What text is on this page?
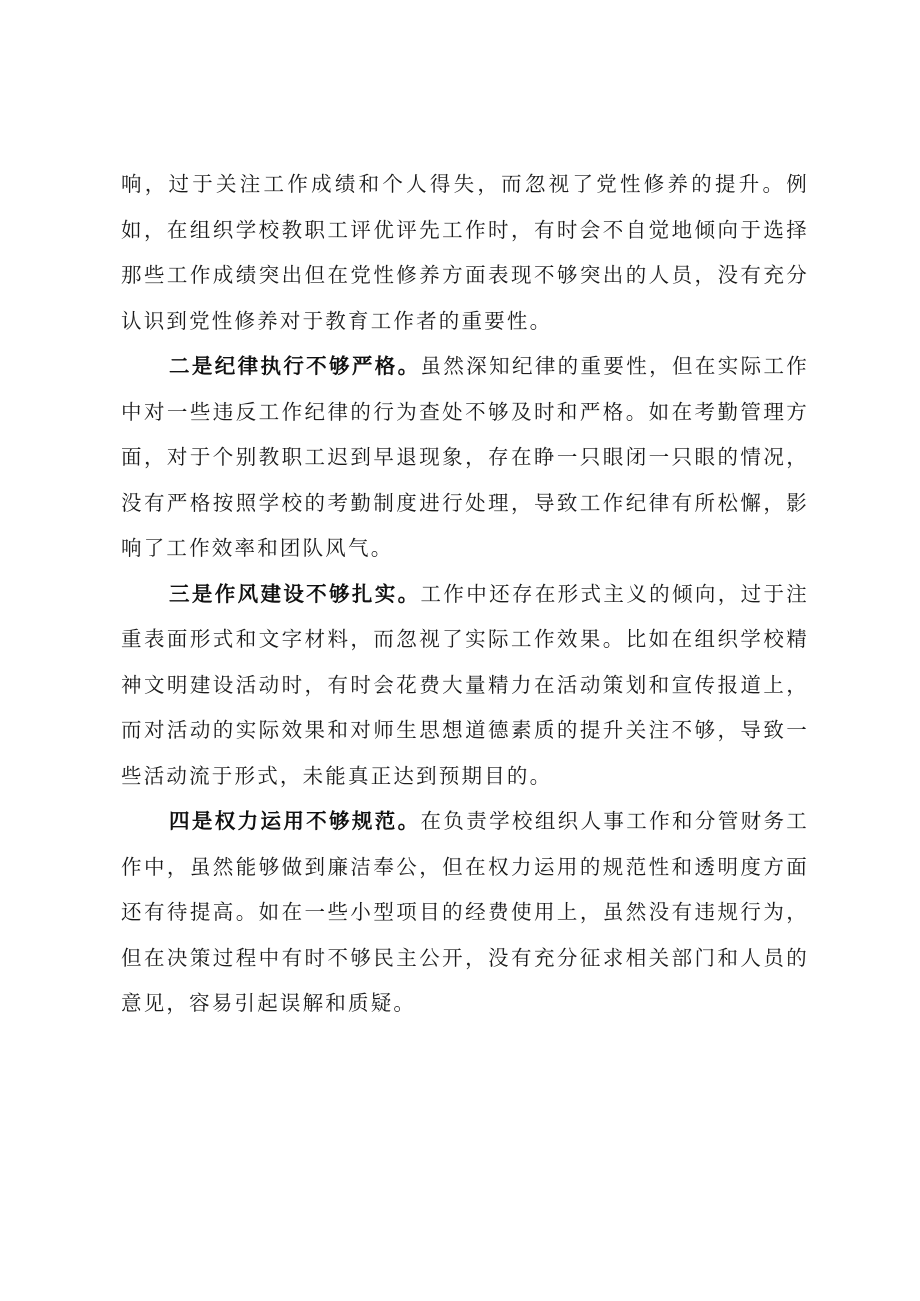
响，过于关注工作成绩和个人得失，而忽视了党性修养的提升。例如，在组织学校教职工评优评先工作时，有时会不自觉地倾向于选择那些工作成绩突出但在党性修养方面表现不够突出的人员，没有充分认识到党性修养对于教育工作者的重要性。

二是纪律执行不够严格。虽然深知纪律的重要性，但在实际工作中对一些违反工作纪律的行为查处不够及时和严格。如在考勤管理方面，对于个别教职工迟到早退现象，存在睁一只眼闭一只眼的情况，没有严格按照学校的考勤制度进行处理，导致工作纪律有所松懈，影响了工作效率和团队风气。

三是作风建设不够扎实。工作中还存在形式主义的倾向，过于注重表面形式和文字材料，而忽视了实际工作效果。比如在组织学校精神文明建设活动时，有时会花费大量精力在活动策划和宣传报道上，而对活动的实际效果和对师生思想道德素质的提升关注不够，导致一些活动流于形式，未能真正达到预期目的。

四是权力运用不够规范。在负责学校组织人事工作和分管财务工作中，虽然能够做到廉洁奉公，但在权力运用的规范性和透明度方面还有待提高。如在一些小型项目的经费使用上，虽然没有违规行为，但在决策过程中有时不够民主公开，没有充分征求相关部门和人员的意见，容易引起误解和质疑。
